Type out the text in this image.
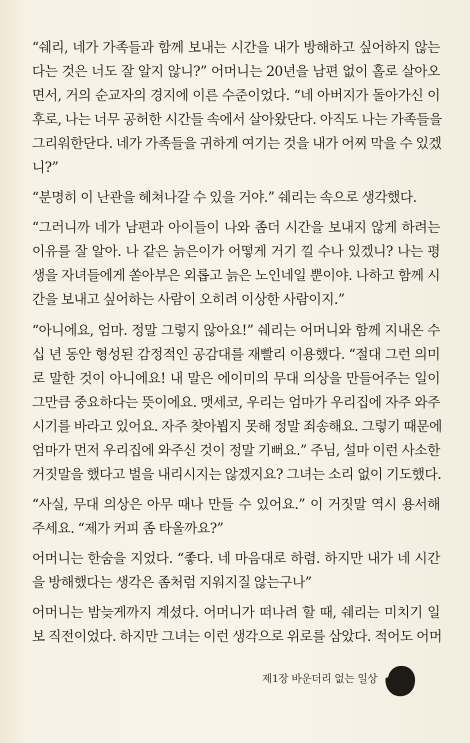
“쉐리, 네가 가족들과 함께 보내는 시간을 내가 방해하고 싶어하지 않는
다는 것은 너도 잘 알지 않니?” 어머니는 20년을 남편 없이 홀로 살아오
면서, 거의 순교자의 경지에 이른 수준이었다. “네 아버지가 돌아가신 이
후로, 나는 너무 공허한 시간들 속에서 살아왔단다. 아직도 나는 가족들을
그리워한단다. 네가 가족들을 귀하게 여기는 것을 내가 어찌 막을 수 있겠
니?”
“분명히 이 난관을 헤쳐나갈 수 있을 거야.” 쉐리는 속으로 생각했다.
“그러니까 네가 남편과 아이들이 나와 좀더 시간을 보내지 않게 하려는
이유를 잘 알아. 나 같은 늙은이가 어떻게 거기 낄 수나 있겠니? 나는 평
생을 자녀들에게 쏟아부은 외롭고 늙은 노인네일 뿐이야. 나하고 함께 시
간을 보내고 싶어하는 사람이 오히려 이상한 사람이지.”
“아니에요, 엄마. 정말 그렇지 않아요!” 쉐리는 어머니와 함께 지내온 수
십 년 동안 형성된 감정적인 공감대를 재빨리 이용했다. “절대 그런 의미
로 말한 것이 아니에요! 내 말은 에이미의 무대 의상을 만들어주는 일이
그만큼 중요하다는 뜻이에요. 맷세코, 우리는 엄마가 우리집에 자주 와주
시기를 바라고 있어요. 자주 찾아뵙지 못해 정말 죄송해요. 그렇기 때문에
엄마가 먼저 우리집에 와주신 것이 정말 기뻐요.” 주님, 설마 이런 사소한
거짓말을 했다고 벌을 내리시지는 않겠지요? 그녀는 소리 없이 기도했다.
“사실, 무대 의상은 아무 때나 만들 수 있어요.” 이 거짓말 역시 용서해
주세요. “제가 커피 좀 타올까요?”
어머니는 한숨을 지었다. “좋다. 네 마음대로 하렴. 하지만 내가 네 시간
을 방해했다는 생각은 좀처럼 지워지질 않는구나”
어머니는 밤늦게까지 계셨다. 어머니가 떠나려 할 때, 쉐리는 미치기 일
보 직전이었다. 하지만 그녀는 이런 생각으로 위로를 삼았다. 적어도 어머
제1장 바운더리 없는 일상 · 15
